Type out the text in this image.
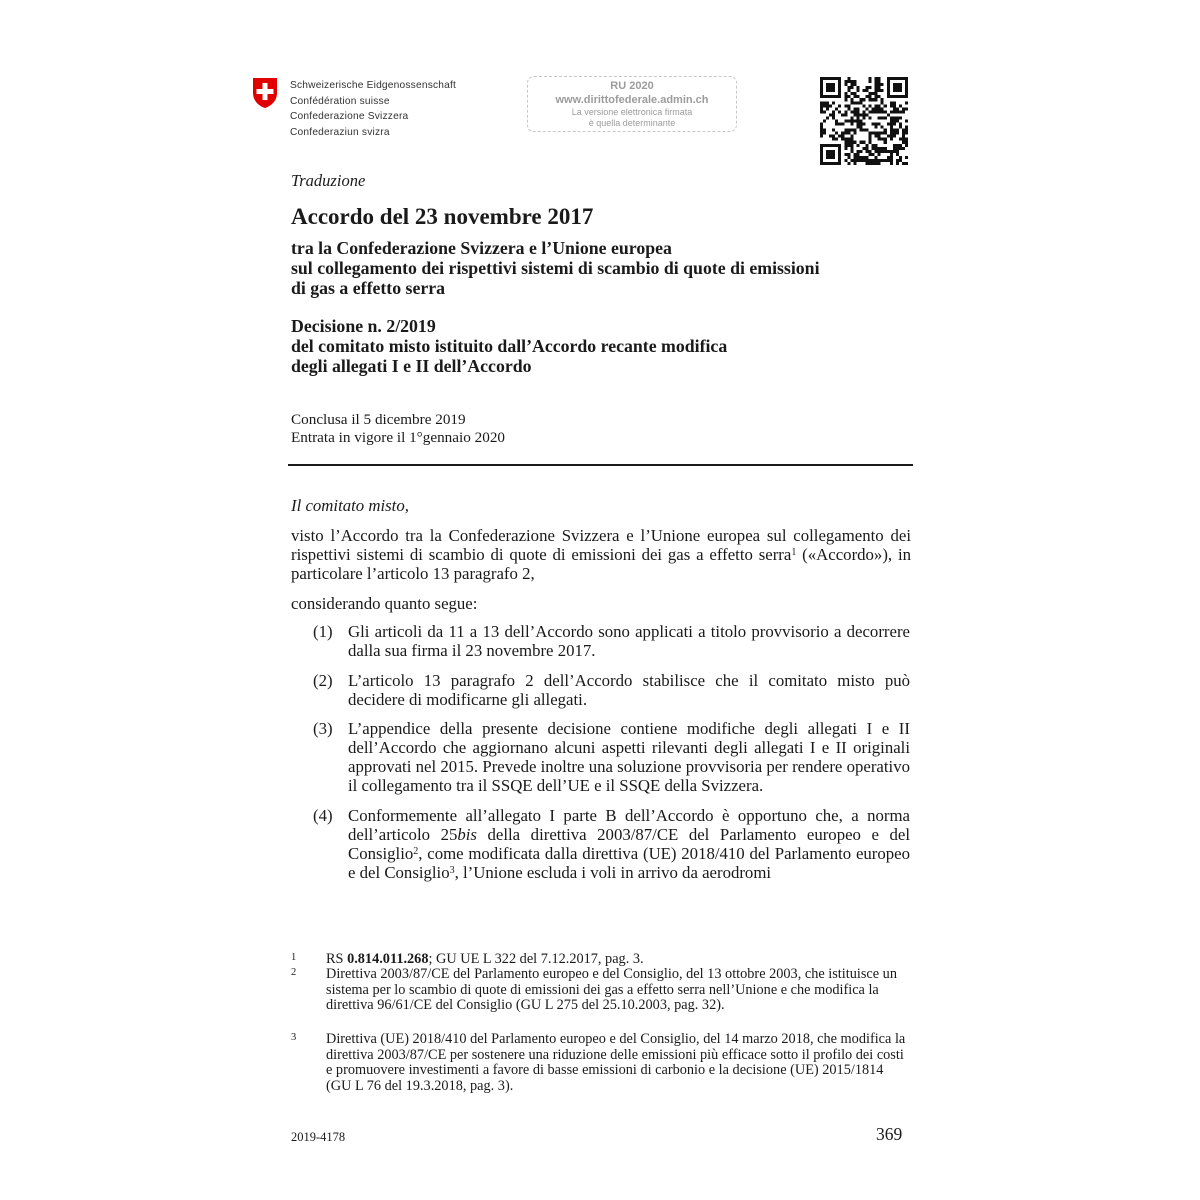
Schweizerische Eidgenossenschaft
Confédération suisse
Confederazione Svizzera
Confederaziun svizra
RU 2020
www.dirittofederale.admin.ch
La versione elettronica firmata
è quella determinante
Traduzione
Accordo del 23 novembre 2017
tra la Confederazione Svizzera e l’Unione europea
sul collegamento dei rispettivi sistemi di scambio di quote di emissioni
di gas a effetto serra
Decisione n. 2/2019
del comitato misto istituito dall’Accordo recante modifica
degli allegati I e II dell’Accordo
Conclusa il 5 dicembre 2019
Entrata in vigore il 1°gennaio 2020
Il comitato misto,
visto l’Accordo tra la Confederazione Svizzera e l’Unione europea sul collegamento dei rispettivi sistemi di scambio di quote di emissioni dei gas a effetto serra$^1$ («Accordo»), in particolare l’articolo 13 paragrafo 2,
considerando quanto segue:
(1) Gli articoli da 11 a 13 dell’Accordo sono applicati a titolo provvisorio a decorrere dalla sua firma il 23 novembre 2017.
(2) L’articolo 13 paragrafo 2 dell’Accordo stabilisce che il comitato misto può decidere di modificarne gli allegati.
(3) L’appendice della presente decisione contiene modifiche degli allegati I e II dell’Accordo che aggiornano alcuni aspetti rilevanti degli allegati I e II originali approvati nel 2015. Prevede inoltre una soluzione provvisoria per rendere operativo il collegamento tra il SSQE dell’UE e il SSQE della Svizzera.
(4) Conformemente all’allegato I parte B dell’Accordo è opportuno che, a norma dell’articolo 25bis della direttiva 2003/87/CE del Parlamento europeo e del Consiglio$^2$, come modificata dalla direttiva (UE) 2018/410 del Parlamento europeo e del Consiglio$^3$, l’Unione escluda i voli in arrivo da aerodromi
1 RS 0.814.011.268; GU UE L 322 del 7.12.2017, pag. 3.
2 Direttiva 2003/87/CE del Parlamento europeo e del Consiglio, del 13 ottobre 2003, che istituisce un sistema per lo scambio di quote di emissioni dei gas a effetto serra nell’Unione e che modifica la direttiva 96/61/CE del Consiglio (GU L 275 del 25.10.2003, pag. 32).
3 Direttiva (UE) 2018/410 del Parlamento europeo e del Consiglio, del 14 marzo 2018, che modifica la direttiva 2003/87/CE per sostenere una riduzione delle emissioni più efficace sotto il profilo dei costi e promuovere investimenti a favore di basse emissioni di carbonio e la decisione (UE) 2015/1814 (GU L 76 del 19.3.2018, pag. 3).
2019-4178	369
